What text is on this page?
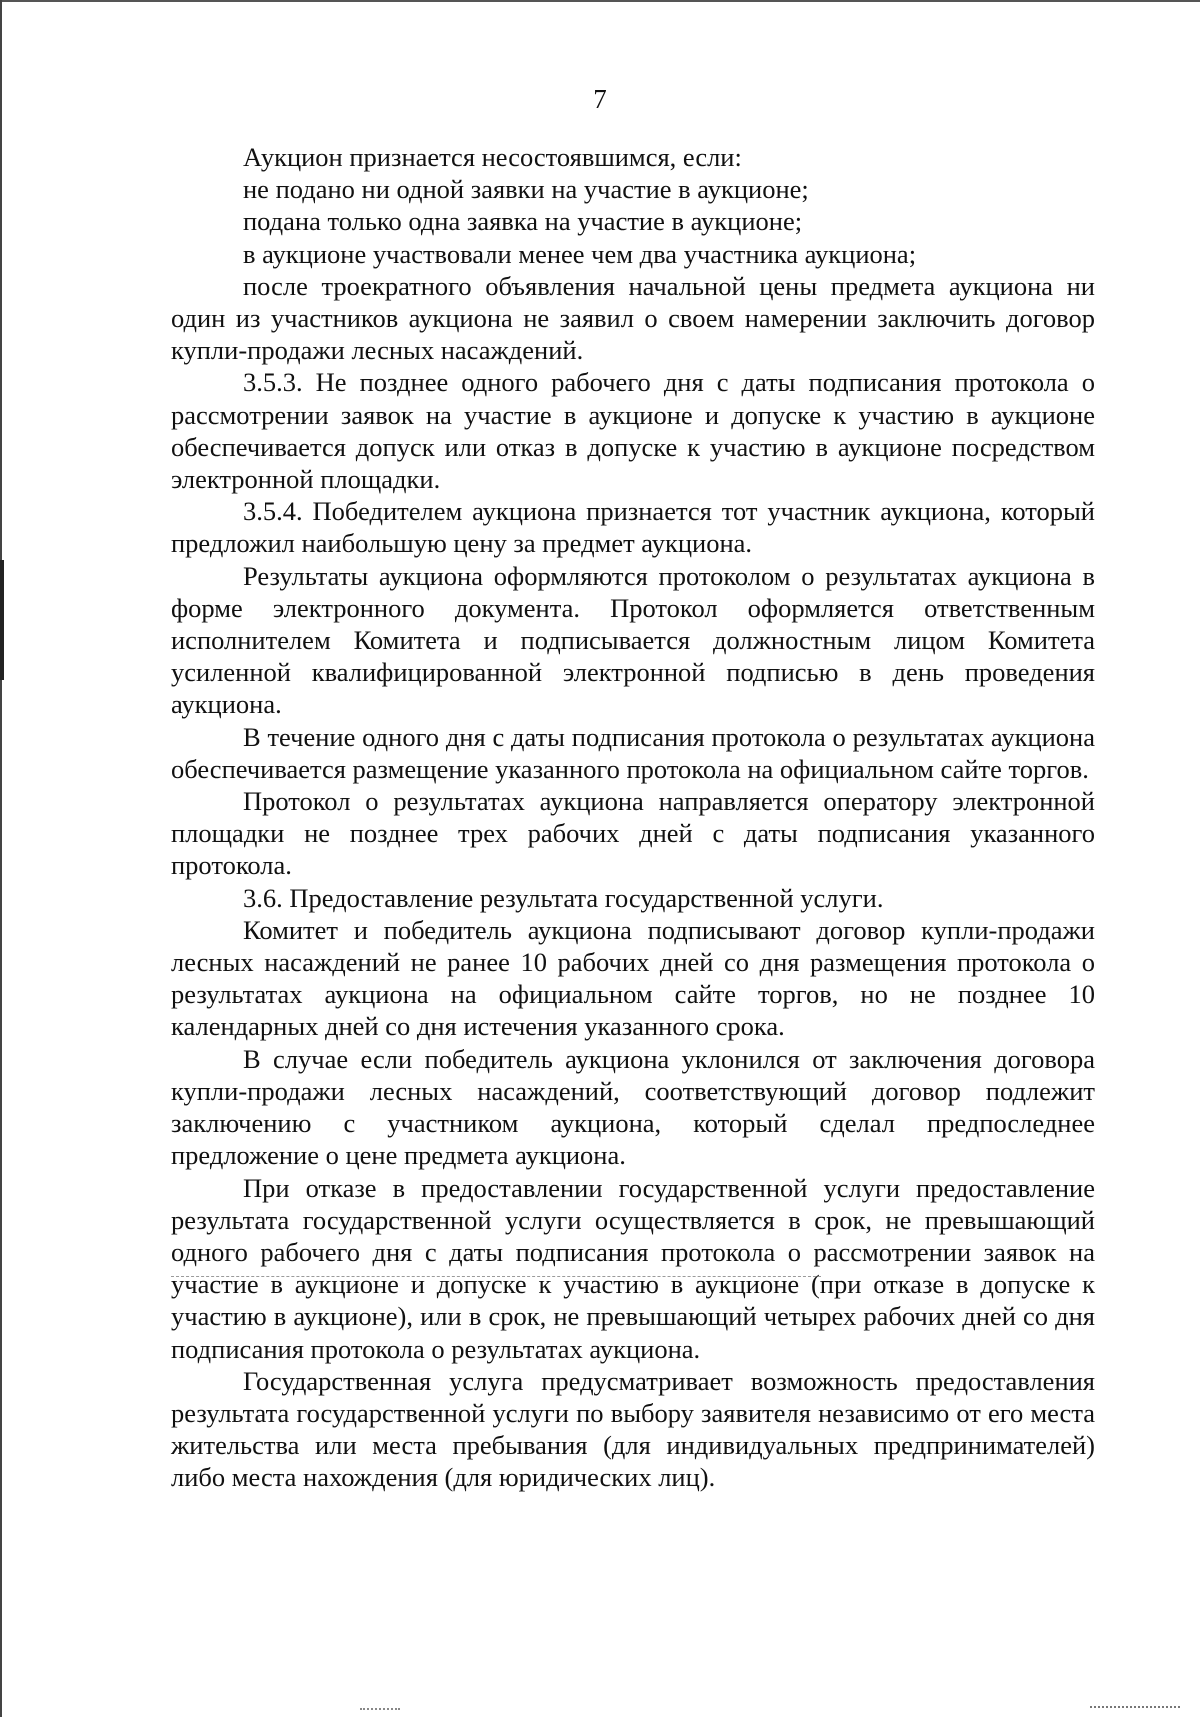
7

Аукцион признается несостоявшимся, если:

не подано ни одной заявки на участие в аукционе;

подана только одна заявка на участие в аукционе;

в аукционе участвовали менее чем два участника аукциона;

после троекратного объявления начальной цены предмета аукциона ни один из участников аукциона не заявил о своем намерении заключить договор купли-продажи лесных насаждений.

3.5.3. Не позднее одного рабочего дня с даты подписания протокола о рассмотрении заявок на участие в аукционе и допуске к участию в аукционе обеспечивается допуск или отказ в допуске к участию в аукционе посредством электронной площадки.

3.5.4. Победителем аукциона признается тот участник аукциона, который предложил наибольшую цену за предмет аукциона.

Результаты аукциона оформляются протоколом о результатах аукциона в форме электронного документа. Протокол оформляется ответственным исполнителем Комитета и подписывается должностным лицом Комитета усиленной квалифицированной электронной подписью в день проведения аукциона.

В течение одного дня с даты подписания протокола о результатах аукциона обеспечивается размещение указанного протокола на официальном сайте торгов.

Протокол о результатах аукциона направляется оператору электронной площадки не позднее трех рабочих дней с даты подписания указанного протокола.

3.6. Предоставление результата государственной услуги.

Комитет и победитель аукциона подписывают договор купли-продажи лесных насаждений не ранее 10 рабочих дней со дня размещения протокола о результатах аукциона на официальном сайте торгов, но не позднее 10 календарных дней со дня истечения указанного срока.

В случае если победитель аукциона уклонился от заключения договора купли-продажи лесных насаждений, соответствующий договор подлежит заключению с участником аукциона, который сделал предпоследнее предложение о цене предмета аукциона.

При отказе в предоставлении государственной услуги предоставление результата государственной услуги осуществляется в срок, не превышающий одного рабочего дня с даты подписания протокола о рассмотрении заявок на участие в аукционе и допуске к участию в аукционе (при отказе в допуске к участию в аукционе), или в срок, не превышающий четырех рабочих дней со дня подписания протокола о результатах аукциона.

Государственная услуга предусматривает возможность предоставления результата государственной услуги по выбору заявителя независимо от его места жительства или места пребывания (для индивидуальных предпринимателей) либо места нахождения (для юридических лиц).
